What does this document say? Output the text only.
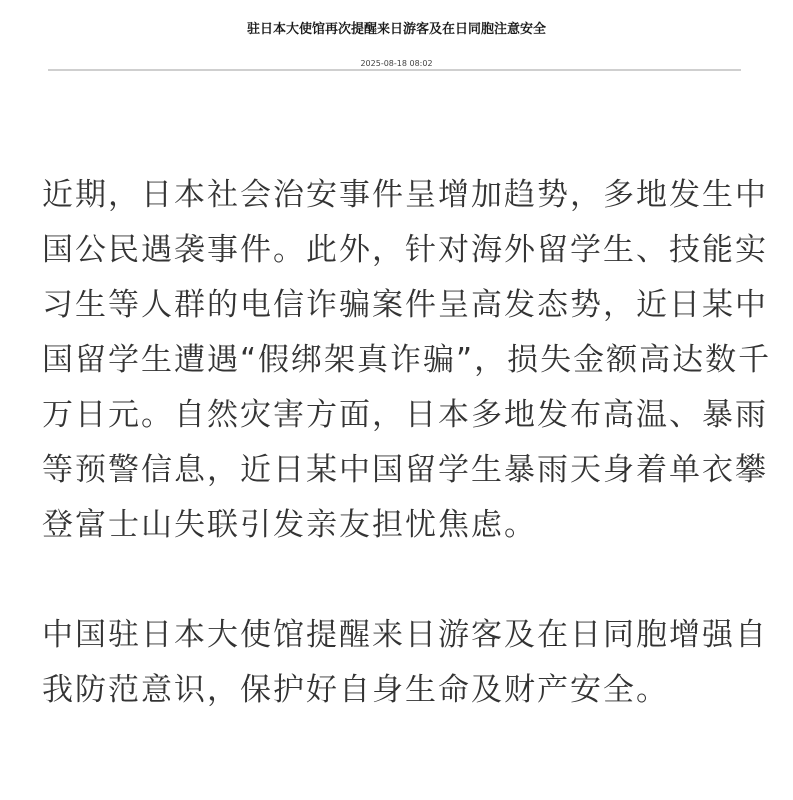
驻日本大使馆再次提醒来日游客及在日同胞注意安全
2025-08-18 08:02

近期，日本社会治安事件呈增加趋势，多地发生中
国公民遇袭事件。此外，针对海外留学生、技能实
习生等人群的电信诈骗案件呈高发态势，近日某中
国留学生遭遇“假绑架真诈骗”，损失金额高达数千
万日元。自然灾害方面，日本多地发布高温、暴雨
等预警信息，近日某中国留学生暴雨天身着单衣攀
登富士山失联引发亲友担忧焦虑。

中国驻日本大使馆提醒来日游客及在日同胞增强自
我防范意识，保护好自身生命及财产安全。
